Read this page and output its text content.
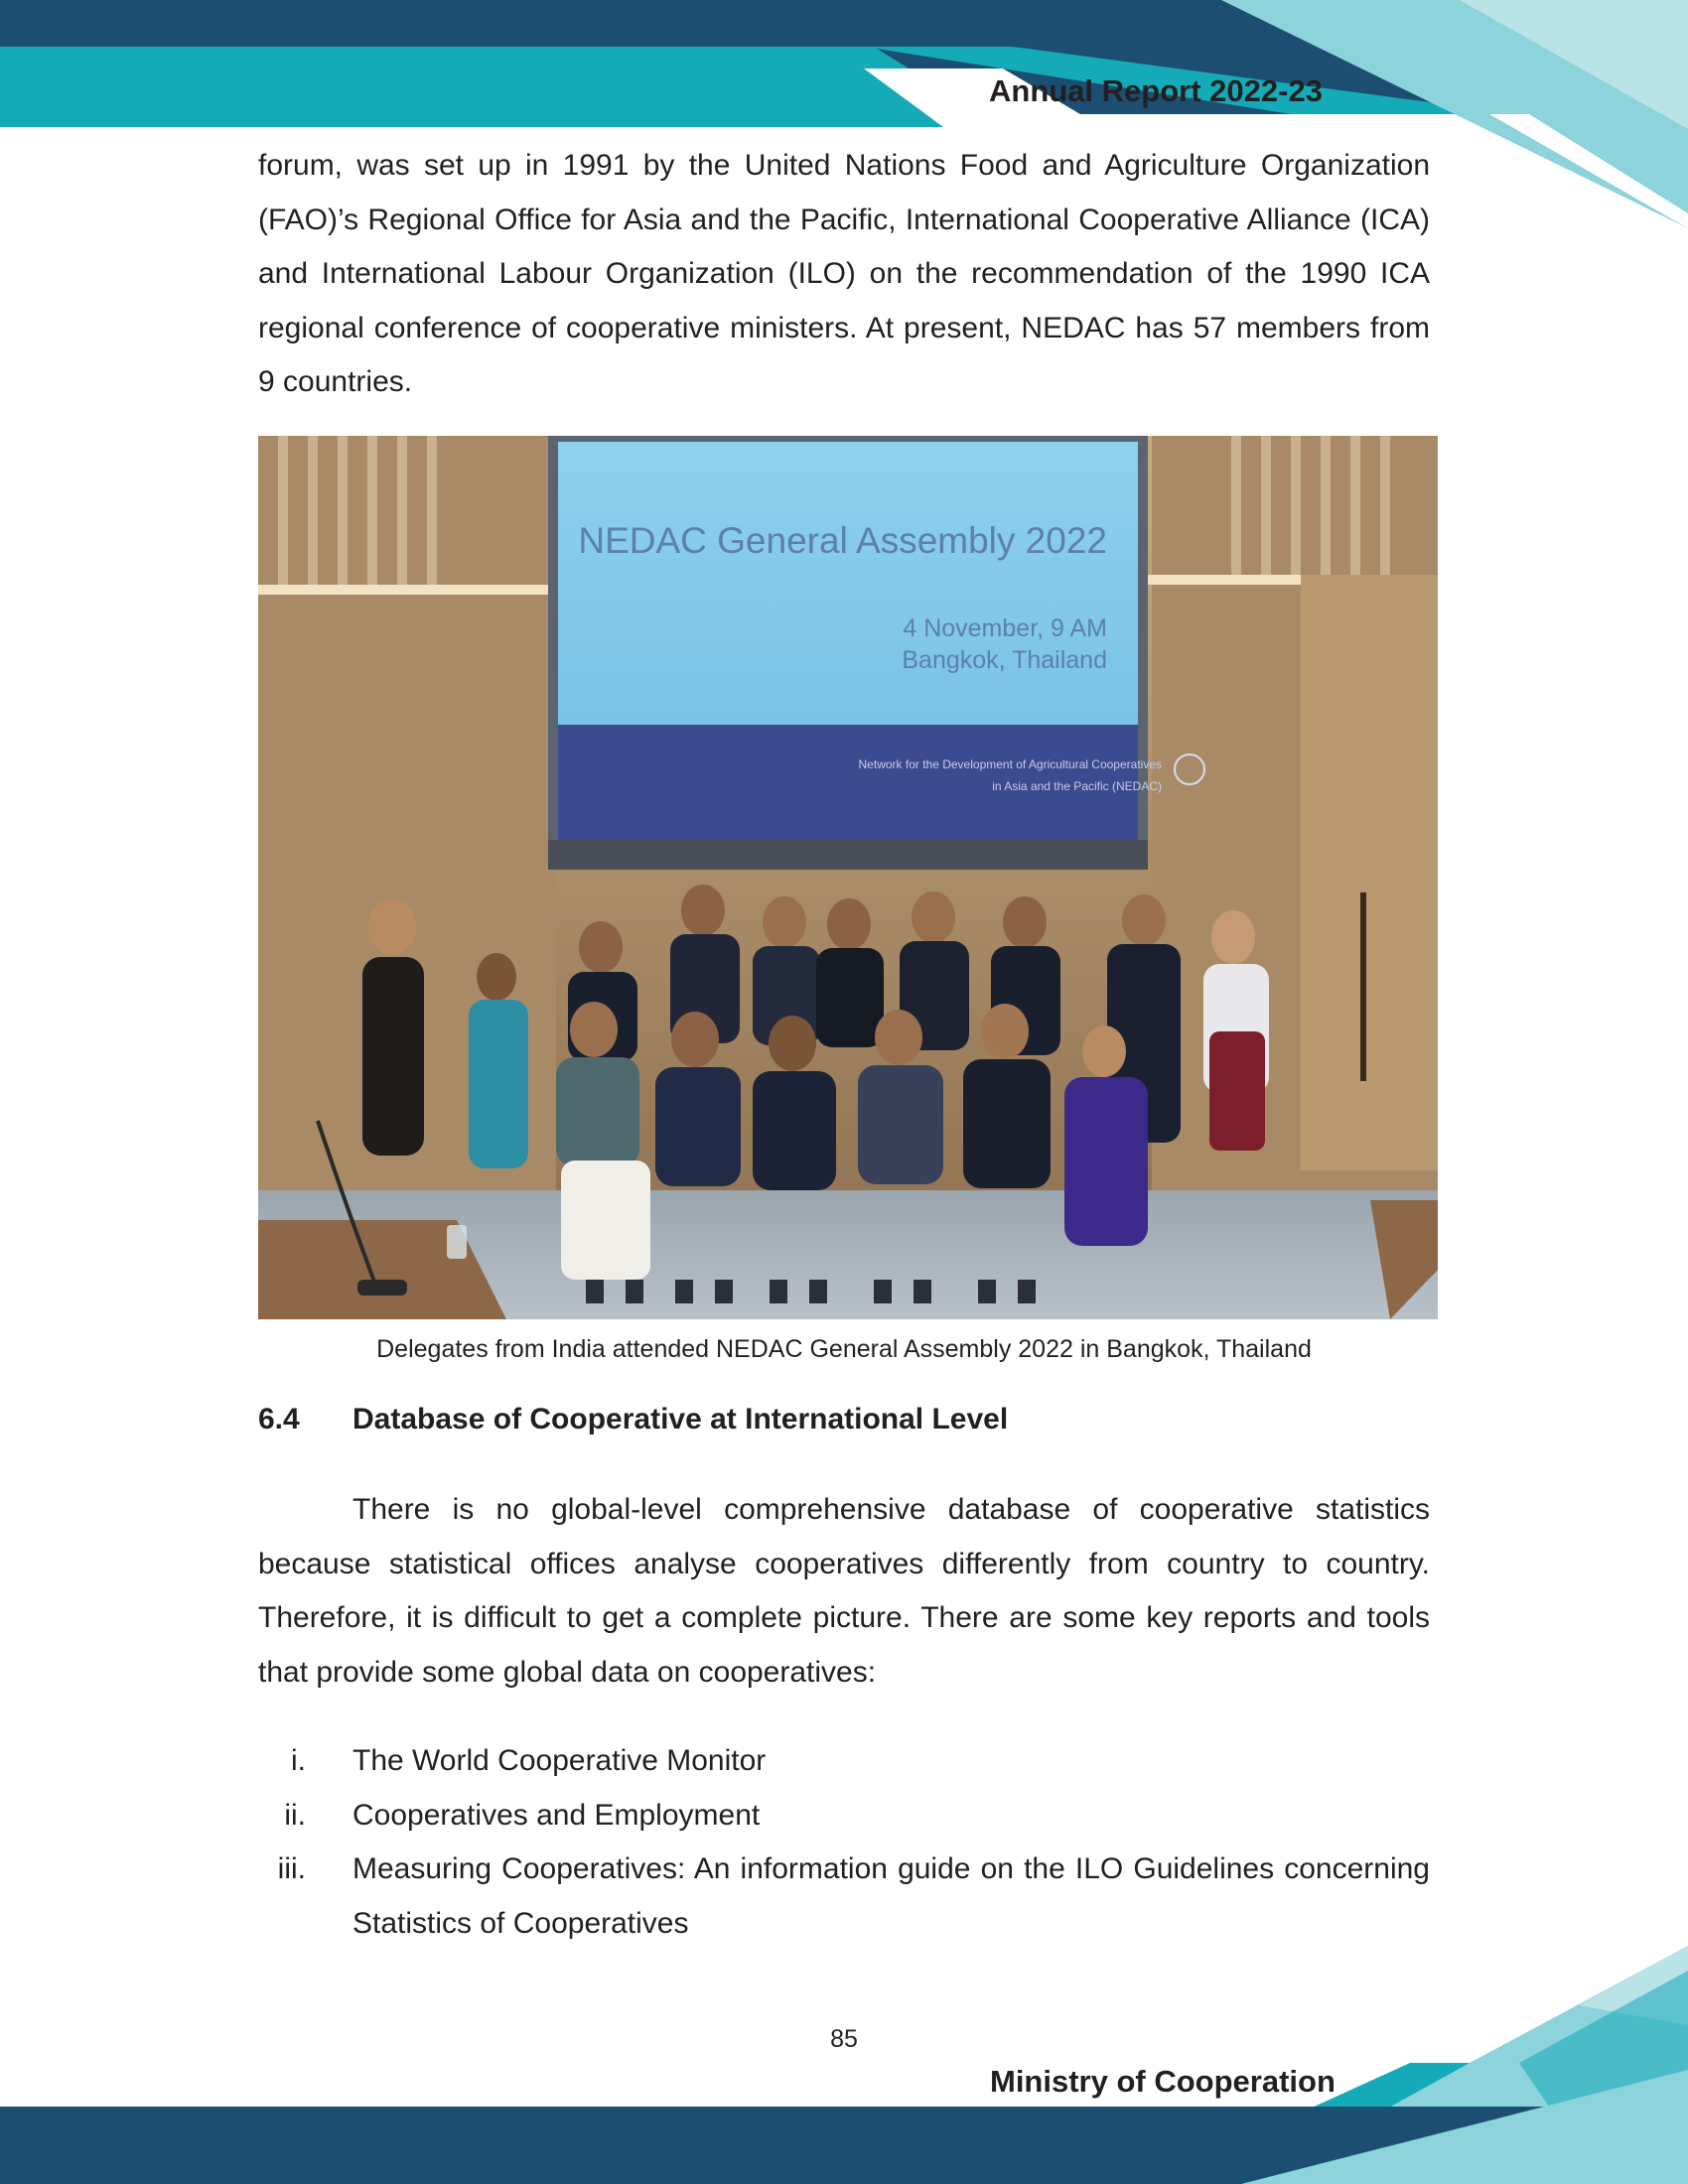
Annual Report 2022-23

forum, was set up in 1991 by the United Nations Food and Agriculture Organization (FAO)’s Regional Office for Asia and the Pacific, International Cooperative Alliance (ICA) and International Labour Organization (ILO) on the recommendation of the 1990 ICA regional conference of cooperative ministers. At present, NEDAC has 57 members from 9 countries.

NEDAC General Assembly 2022
4 November, 9 AM
Bangkok, Thailand
Network for the Development of Agricultural Cooperatives
in Asia and the Pacific (NEDAC)
Delegates from India attended NEDAC General Assembly 2022 in Bangkok, Thailand
6.4 Database of Cooperative at International Level

There is no global-level comprehensive database of cooperative statistics because statistical offices analyse cooperatives differently from country to country. Therefore, it is difficult to get a complete picture. There are some key reports and tools that provide some global data on cooperatives:

i. The World Cooperative Monitor
ii. Cooperatives and Employment
iii. Measuring Cooperatives: An information guide on the ILO Guidelines concerning Statistics of Cooperatives
85
Ministry of Cooperation
